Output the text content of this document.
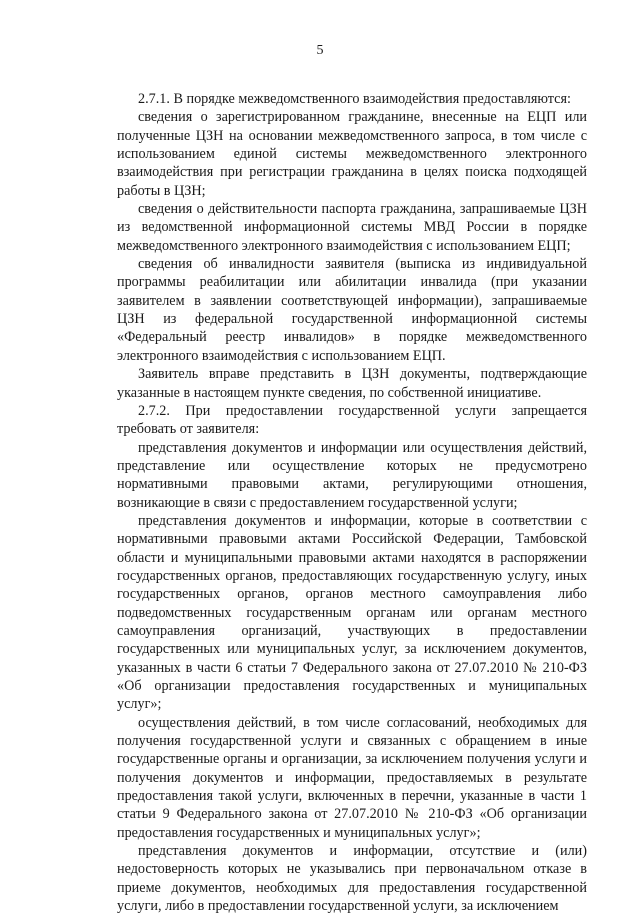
5

2.7.1. В порядке межведомственного взаимодействия предоставляются:

сведения о зарегистрированном гражданине, внесенные на ЕЦП или полученные ЦЗН на основании межведомственного запроса, в том числе с использованием единой системы межведомственного электронного взаимодействия при регистрации гражданина в целях поиска подходящей работы в ЦЗН;

сведения о действительности паспорта гражданина, запрашиваемые ЦЗН из ведомственной информационной системы МВД России в порядке межведомственного электронного взаимодействия с использованием ЕЦП;

сведения об инвалидности заявителя (выписка из индивидуальной программы реабилитации или абилитации инвалида (при указании заявителем в заявлении соответствующей информации), запрашиваемые ЦЗН из федеральной государственной информационной системы «Федеральный реестр инвалидов» в порядке межведомственного электронного взаимодействия с использованием ЕЦП.

Заявитель вправе представить в ЦЗН документы, подтверждающие указанные в настоящем пункте сведения, по собственной инициативе.

2.7.2. При предоставлении государственной услуги запрещается требовать от заявителя:

представления документов и информации или осуществления действий, представление или осуществление которых не предусмотрено нормативными правовыми актами, регулирующими отношения, возникающие в связи с предоставлением государственной услуги;

представления документов и информации, которые в соответствии с нормативными правовыми актами Российской Федерации, Тамбовской области и муниципальными правовыми актами находятся в распоряжении государственных органов, предоставляющих государственную услугу, иных государственных органов, органов местного самоуправления либо подведомственных государственным органам или органам местного самоуправления организаций, участвующих в предоставлении государственных или муниципальных услуг, за исключением документов, указанных в части 6 статьи 7 Федерального закона от 27.07.2010 № 210-ФЗ «Об организации предоставления государственных и муниципальных услуг»;

осуществления действий, в том числе согласований, необходимых для получения государственной услуги и связанных с обращением в иные государственные органы и организации, за исключением получения услуги и получения документов и информации, предоставляемых в результате предоставления такой услуги, включенных в перечни, указанные в части 1 статьи 9 Федерального закона от 27.07.2010 № 210-ФЗ «Об организации предоставления государственных и муниципальных услуг»;

представления документов и информации, отсутствие и (или) недостоверность которых не указывались при первоначальном отказе в приеме документов, необходимых для предоставления государственной услуги, либо в предоставлении государственной услуги, за исключением
